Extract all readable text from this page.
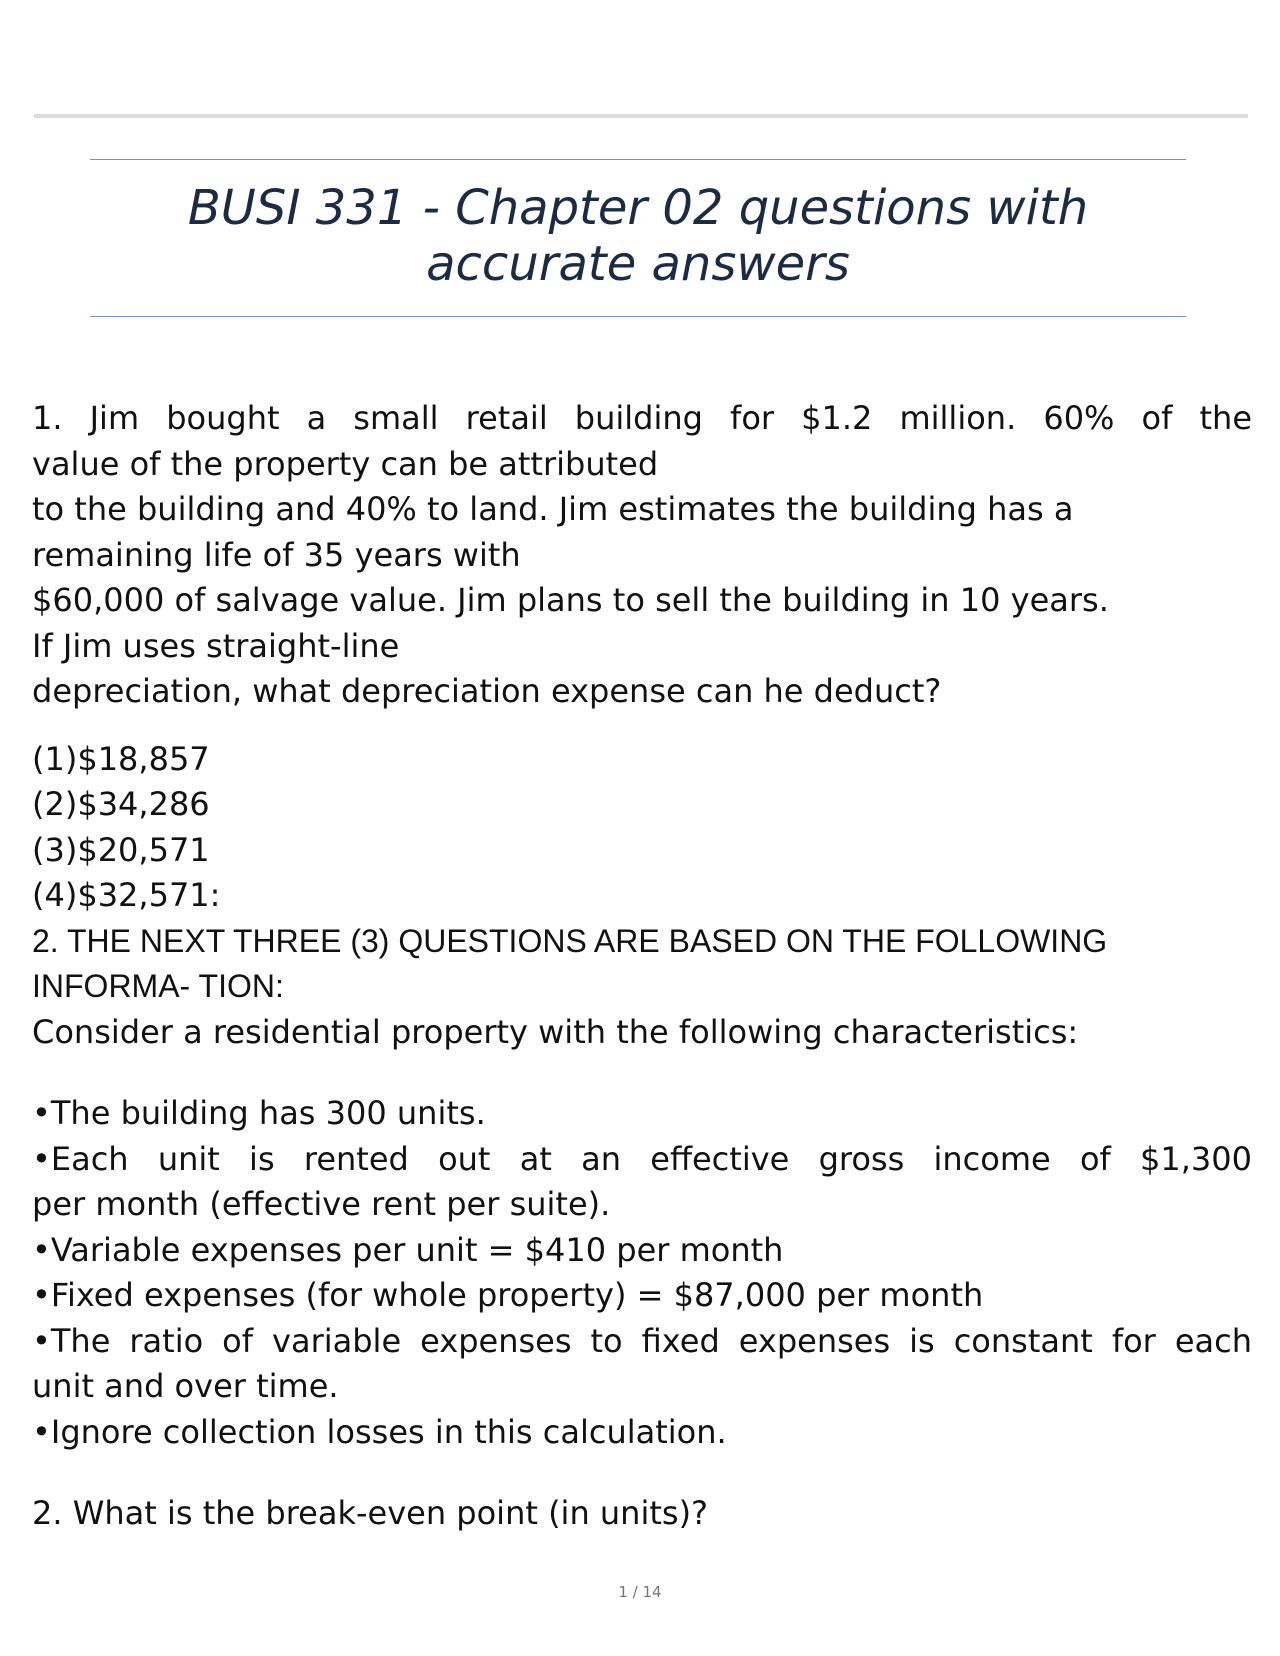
BUSI 331 - Chapter 02 questions with
accurate answers

1. Jim bought a small retail building for $1.2 million. 60% of the

value of the property can be attributed

to the building and 40% to land. Jim estimates the building has a

remaining life of 35 years with

$60,000 of salvage value. Jim plans to sell the building in 10 years.

If Jim uses straight-line

depreciation, what depreciation expense can he deduct?

(1)$18,857

(2)$34,286

(3)$20,571

(4)$32,571:

2. THE NEXT THREE (3) QUESTIONS ARE BASED ON THE FOLLOWING

INFORMA- TION:

Consider a residential property with the following characteristics:

•The building has 300 units.

•Each unit is rented out at an effective gross income of $1,300

per month (effective rent per suite).

•Variable expenses per unit = $410 per month

•Fixed expenses (for whole property) = $87,000 per month

•The ratio of variable expenses to fixed expenses is constant for each

unit and over time.

•Ignore collection losses in this calculation.

2. What is the break-even point (in units)?

1 / 14
